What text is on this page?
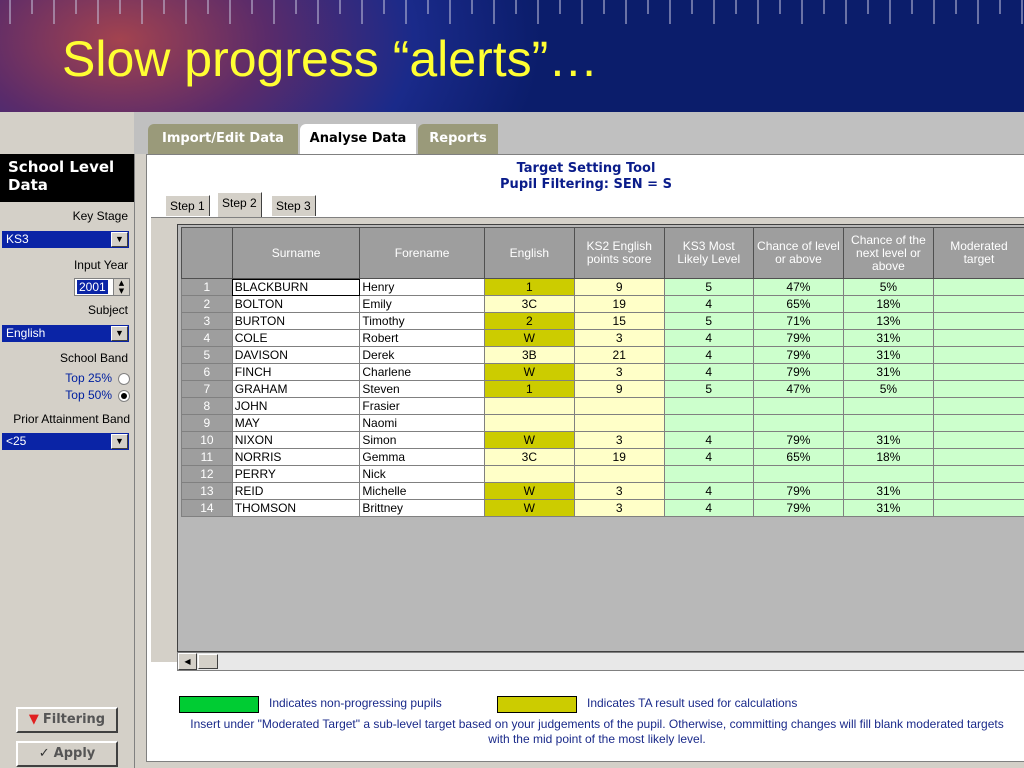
Slow progress “alerts”…
Import/Edit Data	Analyse Data	Reports
School Level Data
Key Stage
KS3	▼
Input Year
2001	▲
▼
Subject
English	▼
School Band
Top 25%
Top 50%
Prior Attainment Band
<25	▼
▼ Filtering
✓ Apply
Target Setting Tool
Pupil Filtering: SEN = S
Step 1	Step 2	Step 3
	Surname	Forename	English	KS2 English points score	KS3 Most Likely Level	Chance of level or above	Chance of the next level or above	Moderated target
1	BLACKBURN	Henry	1	9	5	47%	5%	
2	BOLTON	Emily	3C	19	4	65%	18%	
3	BURTON	Timothy	2	15	5	71%	13%	
4	COLE	Robert	W	3	4	79%	31%	
5	DAVISON	Derek	3B	21	4	79%	31%	
6	FINCH	Charlene	W	3	4	79%	31%	
7	GRAHAM	Steven	1	9	5	47%	5%	
8	JOHN	Frasier						
9	MAY	Naomi						
10	NIXON	Simon	W	3	4	79%	31%	
11	NORRIS	Gemma	3C	19	4	65%	18%	
12	PERRY	Nick						
13	REID	Michelle	W	3	4	79%	31%	
14	THOMSON	Brittney	W	3	4	79%	31%	
◀
Indicates non-progressing pupils	Indicates TA result used for calculations
Insert under "Moderated Target" a sub-level target based on your judgements of the pupil. Otherwise, committing changes will fill blank moderated targets with the mid point of the most likely level.
